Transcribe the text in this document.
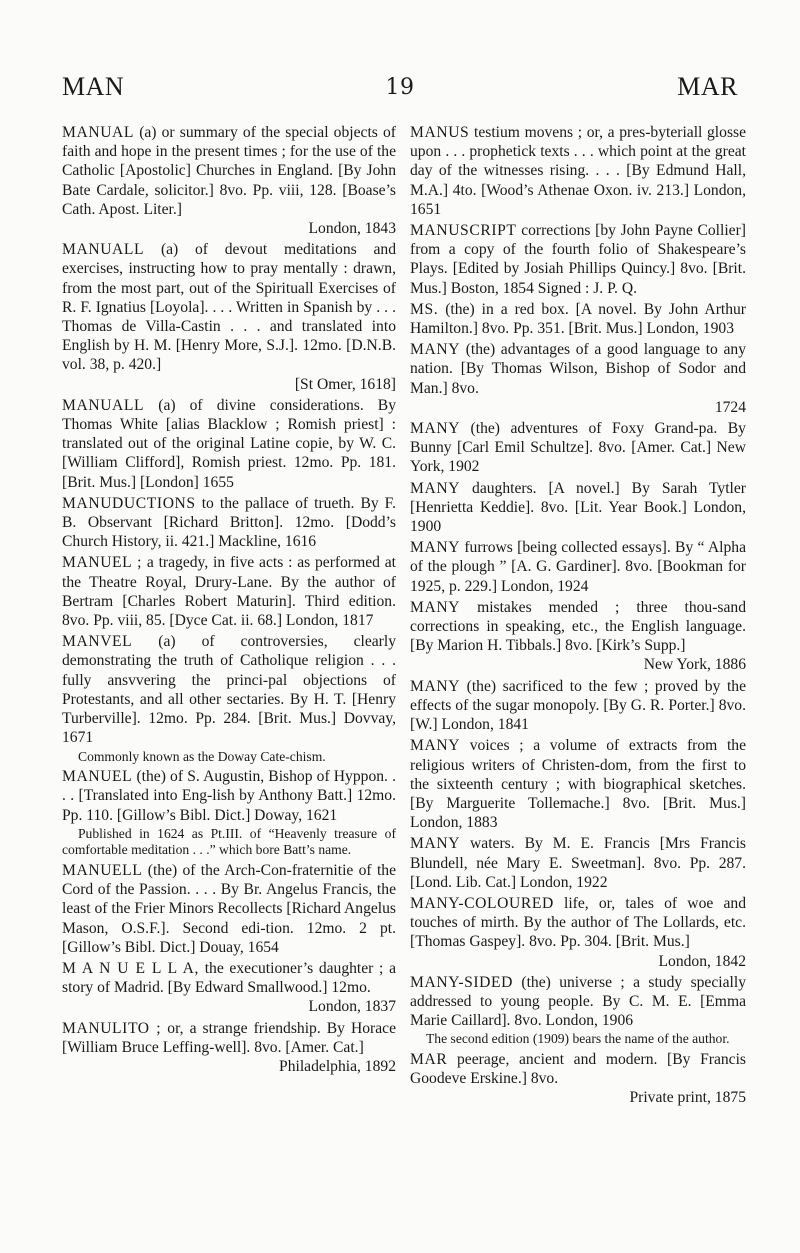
MAN	19	MAR
MANUAL (a) or summary of the special objects of faith and hope in the present times ; for the use of the Catholic [Apostolic] Churches in England. [By John Bate Cardale, solicitor.] 8vo. Pp. viii, 128. [Boase’s Cath. Apost. Liter.]
London, 1843
MANUALL (a) of devout meditations and exercises, instructing how to pray mentally : drawn, from the most part, out of the Spirituall Exercises of R. F. Ignatius [Loyola]. . . . Written in Spanish by . . . Thomas de Villa-Castin . . . and translated into English by H. M. [Henry More, S.J.]. 12mo. [D.N.B. vol. 38, p. 420.]
[St Omer, 1618]
MANUALL (a) of divine considerations. By Thomas White [alias Blacklow ; Romish priest] : translated out of the original Latine copie, by W. C. [William Clifford], Romish priest. 12mo. Pp. 181. [Brit. Mus.] [London] 1655
MANUDUCTIONS to the pallace of trueth. By F. B. Observant [Richard Britton]. 12mo. [Dodd’s Church History, ii. 421.] Mackline, 1616
MANUEL ; a tragedy, in five acts : as performed at the Theatre Royal, Drury-Lane. By the author of Bertram [Charles Robert Maturin]. Third edition. 8vo. Pp. viii, 85. [Dyce Cat. ii. 68.] London, 1817
MANVEL (a) of controversies, clearly demonstrating the truth of Catholique religion . . . fully ansvvering the princi-pal objections of Protestants, and all other sectaries. By H. T. [Henry Turberville]. 12mo. Pp. 284. [Brit. Mus.] Dovvay, 1671
Commonly known as the Doway Cate-chism.
MANUEL (the) of S. Augustin, Bishop of Hyppon. . . . [Translated into Eng-lish by Anthony Batt.] 12mo. Pp. 110. [Gillow’s Bibl. Dict.] Doway, 1621
Published in 1624 as Pt.III. of “Heavenly treasure of comfortable meditation . . .” which bore Batt’s name.
MANUELL (the) of the Arch-Con-fraternitie of the Cord of the Passion. . . . By Br. Angelus Francis, the least of the Frier Minors Recollects [Richard Angelus Mason, O.S.F.]. Second edi-tion. 12mo. 2 pt. [Gillow’s Bibl. Dict.] Douay, 1654
M A N U E L L A, the executioner’s daughter ; a story of Madrid. [By Edward Smallwood.] 12mo.
London, 1837
MANULITO ; or, a strange friendship. By Horace [William Bruce Leffing-well]. 8vo. [Amer. Cat.]
Philadelphia, 1892
MANUS testium movens ; or, a pres-byteriall glosse upon . . . prophetick texts . . . which point at the great day of the witnesses rising. . . . [By Edmund Hall, M.A.] 4to. [Wood’s Athenae Oxon. iv. 213.] London, 1651
MANUSCRIPT corrections [by John Payne Collier] from a copy of the fourth folio of Shakespeare’s Plays. [Edited by Josiah Phillips Quincy.] 8vo. [Brit. Mus.] Boston, 1854 Signed : J. P. Q.
MS. (the) in a red box. [A novel. By John Arthur Hamilton.] 8vo. Pp. 351. [Brit. Mus.] London, 1903
MANY (the) advantages of a good language to any nation. [By Thomas Wilson, Bishop of Sodor and Man.] 8vo.
1724
MANY (the) adventures of Foxy Grand-pa. By Bunny [Carl Emil Schultze]. 8vo. [Amer. Cat.] New York, 1902
MANY daughters. [A novel.] By Sarah Tytler [Henrietta Keddie]. 8vo. [Lit. Year Book.] London, 1900
MANY furrows [being collected essays]. By “ Alpha of the plough ” [A. G. Gardiner]. 8vo. [Bookman for 1925, p. 229.] London, 1924
MANY mistakes mended ; three thou-sand corrections in speaking, etc., the English language. [By Marion H. Tibbals.] 8vo. [Kirk’s Supp.]
New York, 1886
MANY (the) sacrificed to the few ; proved by the effects of the sugar monopoly. [By G. R. Porter.] 8vo. [W.] London, 1841
MANY voices ; a volume of extracts from the religious writers of Christen-dom, from the first to the sixteenth century ; with biographical sketches. [By Marguerite Tollemache.] 8vo. [Brit. Mus.] London, 1883
MANY waters. By M. E. Francis [Mrs Francis Blundell, née Mary E. Sweetman]. 8vo. Pp. 287. [Lond. Lib. Cat.] London, 1922
MANY-COLOURED life, or, tales of woe and touches of mirth. By the author of The Lollards, etc. [Thomas Gaspey]. 8vo. Pp. 304. [Brit. Mus.]
London, 1842
MANY-SIDED (the) universe ; a study specially addressed to young people. By C. M. E. [Emma Marie Caillard]. 8vo. London, 1906
The second edition (1909) bears the name of the author.
MAR peerage, ancient and modern. [By Francis Goodeve Erskine.] 8vo.
Private print, 1875
